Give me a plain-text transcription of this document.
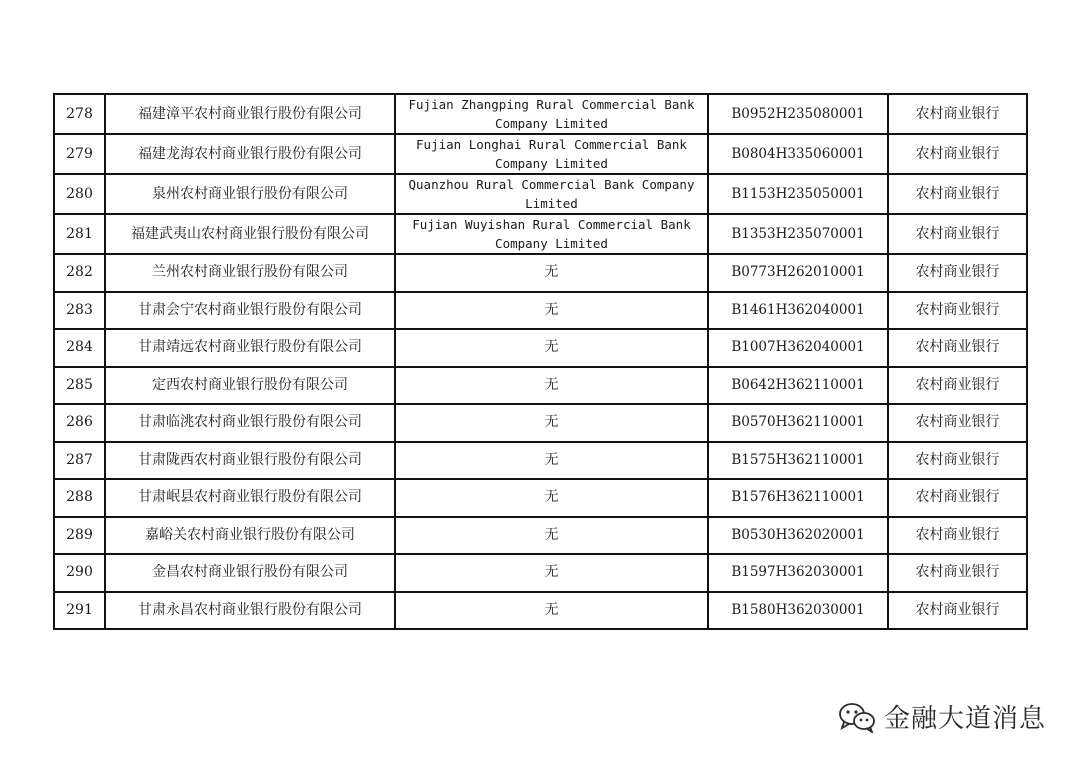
278	福建漳平农村商业银行股份有限公司	Fujian Zhangping Rural Commercial Bank Company Limited	B0952H235080001	农村商业银行
279	福建龙海农村商业银行股份有限公司	Fujian Longhai Rural Commercial Bank Company Limited	B0804H335060001	农村商业银行
280	泉州农村商业银行股份有限公司	Quanzhou Rural Commercial Bank Company Limited	B1153H235050001	农村商业银行
281	福建武夷山农村商业银行股份有限公司	Fujian Wuyishan Rural Commercial Bank Company Limited	B1353H235070001	农村商业银行
282	兰州农村商业银行股份有限公司	无	B0773H262010001	农村商业银行
283	甘肃会宁农村商业银行股份有限公司	无	B1461H362040001	农村商业银行
284	甘肃靖远农村商业银行股份有限公司	无	B1007H362040001	农村商业银行
285	定西农村商业银行股份有限公司	无	B0642H362110001	农村商业银行
286	甘肃临洮农村商业银行股份有限公司	无	B0570H362110001	农村商业银行
287	甘肃陇西农村商业银行股份有限公司	无	B1575H362110001	农村商业银行
288	甘肃岷县农村商业银行股份有限公司	无	B1576H362110001	农村商业银行
289	嘉峪关农村商业银行股份有限公司	无	B0530H362020001	农村商业银行
290	金昌农村商业银行股份有限公司	无	B1597H362030001	农村商业银行
291	甘肃永昌农村商业银行股份有限公司	无	B1580H362030001	农村商业银行
金融大道消息
